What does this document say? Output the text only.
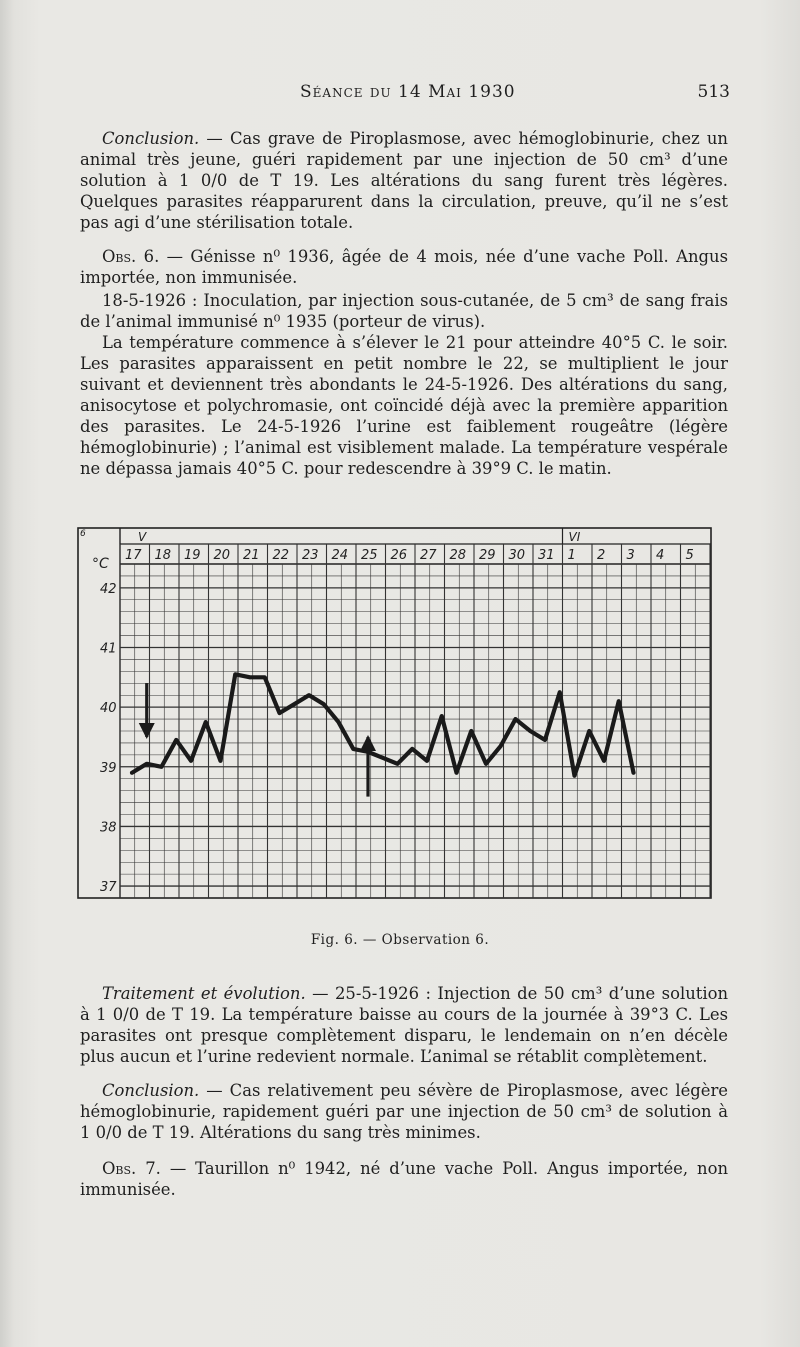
Séance du 14 Mai 1930	513

Conclusion. — Cas grave de Piroplasmose, avec hémoglobinurie, chez un animal très jeune, guéri rapidement par une injection de 50 cm³ d’une solution à 1 0/0 de T 19. Les altérations du sang furent très légères. Quelques parasites réapparurent dans la circulation, preuve, qu’il ne s’est pas agi d’une stérilisation totale.

Obs. 6. — Génisse n⁰ 1936, âgée de 4 mois, née d’une vache Poll. Angus importée, non immunisée.

18-5-1926 : Inoculation, par injection sous-cutanée, de 5 cm³ de sang frais de l’animal immunisé n⁰ 1935 (porteur de virus).

La température commence à s’élever le 21 pour atteindre 40°5 C. le soir. Les parasites apparaissent en petit nombre le 22, se multiplient le jour suivant et deviennent très abondants le 24-5-1926. Des altérations du sang, anisocytose et polychromasie, ont coïncidé déjà avec la première apparition des parasites. Le 24-5-1926 l’urine est faiblement rougeâtre (légère hémoglobinurie) ; l’animal est visiblement malade. La température vespérale ne dépassa jamais 40°5 C. pour redescendre à 39°9 C. le matin.

V	VI
17 18 19 20 21 22 23 24 25 26 27 28 29 30 31 1 2 3 4 5
6
°C
42
41
40
39
38
37
Fig. 6. — Observation 6.

Traitement et évolution. — 25-5-1926 : Injection de 50 cm³ d’une solution à 1 0/0 de T 19. La température baisse au cours de la journée à 39°3 C. Les parasites ont presque complètement disparu, le lendemain on n’en décèle plus aucun et l’urine redevient normale. L’animal se rétablit complètement.

Conclusion. — Cas relativement peu sévère de Piroplasmose, avec légère hémoglobinurie, rapidement guéri par une injection de 50 cm³ de solution à 1 0/0 de T 19. Altérations du sang très minimes.

Obs. 7. — Taurillon n⁰ 1942, né d’une vache Poll. Angus importée, non immunisée.
